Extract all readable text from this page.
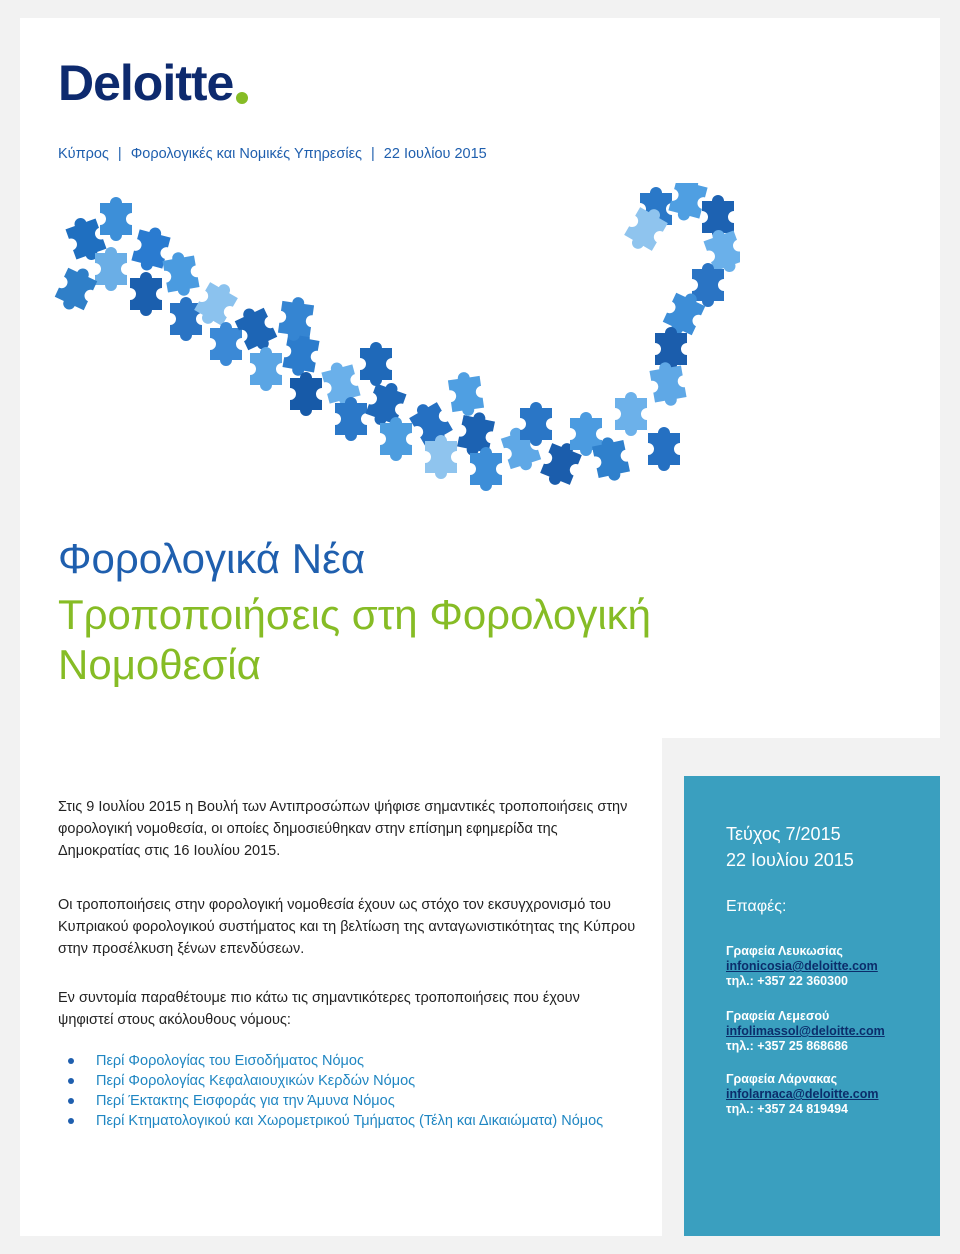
Deloitte
Κύπρος | Φορολογικές και Νομικές Υπηρεσίες | 22 Ιουλίου 2015
Φορολογικά Νέα
Τροποποιήσεις στη Φορολογική Νομοθεσία
Στις 9 Ιουλίου 2015 η Βουλή των Αντιπροσώπων ψήφισε σημαντικές τροποποιήσεις στην φορολογική νομοθεσία, οι οποίες δημοσιεύθηκαν στην επίσημη εφημερίδα της Δημοκρατίας στις 16 Ιουλίου 2015.
Οι τροποποιήσεις στην φορολογική νομοθεσία έχουν ως στόχο τον εκσυγχρονισμό του Κυπριακού φορολογικού συστήματος και τη βελτίωση της ανταγωνιστικότητας της Κύπρου στην προσέλκυση ξένων επενδύσεων.
Εν συντομία παραθέτουμε πιο κάτω τις σημαντικότερες τροποποιήσεις που έχουν ψηφιστεί στους ακόλουθους νόμους:
Περί Φορολογίας του Εισοδήματος Νόμος
Περί Φορολογίας Κεφαλαιουχικών Κερδών Νόμος
Περί Έκτακτης Εισφοράς για την Άμυνα Νόμος
Περί Κτηματολογικού και Χωρομετρικού Τμήματος (Τέλη και Δικαιώματα) Νόμος
Τεύχος 7/2015
22 Ιουλίου 2015
Επαφές:
Γραφεία Λευκωσίας
infonicosia@deloitte.com
τηλ.: +357 22 360300
Γραφεία Λεμεσού
infolimassol@deloitte.com
τηλ.: +357 25 868686
Γραφεία Λάρνακας
infolarnaca@deloitte.com
τηλ.: +357 24 819494
